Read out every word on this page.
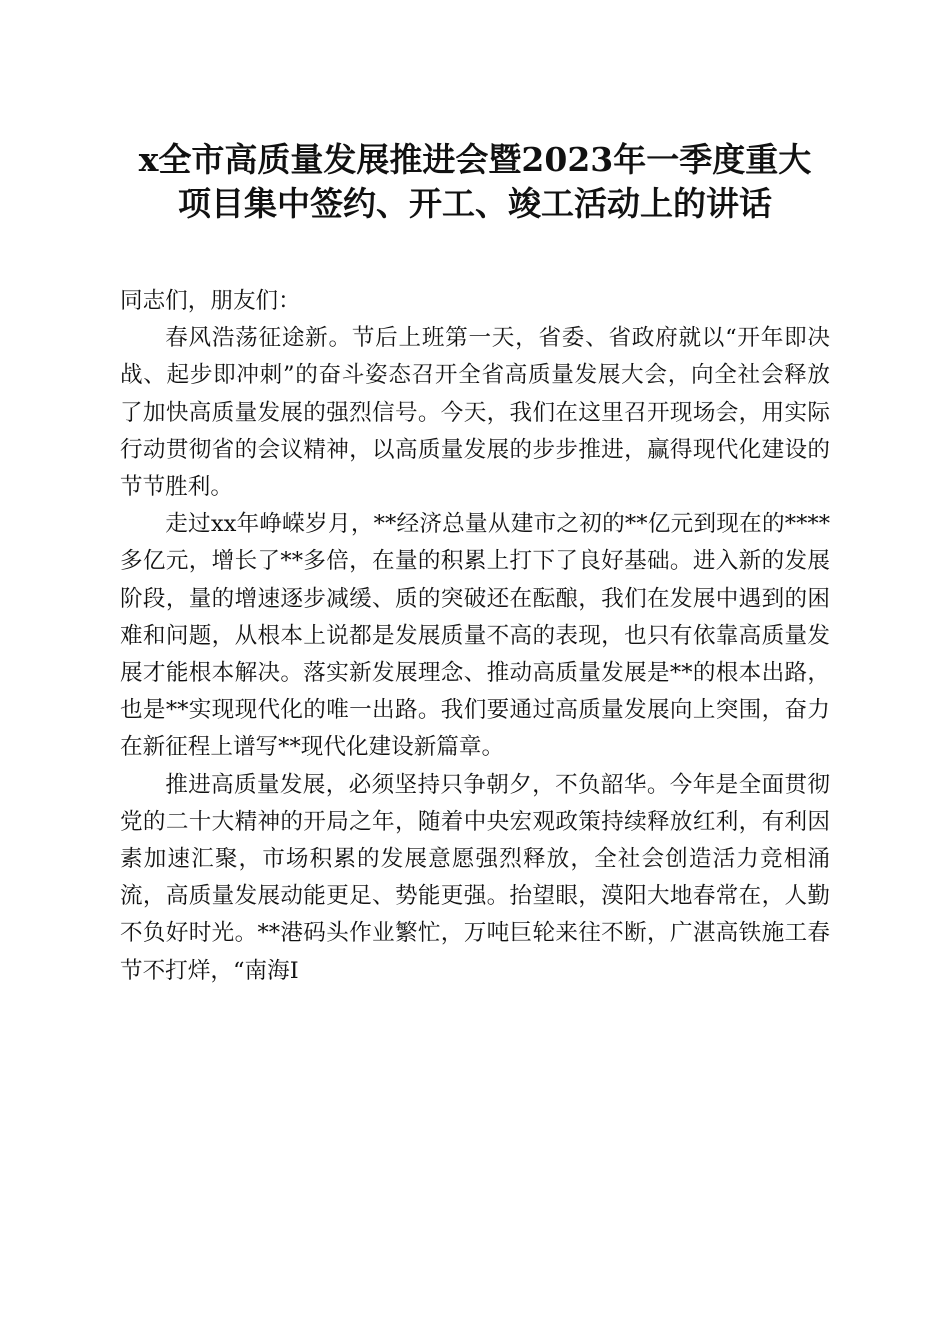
x全市高质量发展推进会暨2023年一季度重大
项目集中签约、开工、竣工活动上的讲话

同志们，朋友们：

春风浩荡征途新。节后上班第一天，省委、省政府就以“开年即决战、起步即冲刺”的奋斗姿态召开全省高质量发展大会，向全社会释放了加快高质量发展的强烈信号。今天，我们在这里召开现场会，用实际行动贯彻省的会议精神，以高质量发展的步步推进，赢得现代化建设的节节胜利。

走过xx年峥嵘岁月，**经济总量从建市之初的**亿元到现在的****多亿元，增长了**多倍，在量的积累上打下了良好基础。进入新的发展阶段，量的增速逐步减缓、质的突破还在酝酿，我们在发展中遇到的困难和问题，从根本上说都是发展质量不高的表现，也只有依靠高质量发展才能根本解决。落实新发展理念、推动高质量发展是**的根本出路，也是**实现现代化的唯一出路。我们要通过高质量发展向上突围，奋力在新征程上谱写**现代化建设新篇章。

推进高质量发展，必须坚持只争朝夕，不负韶华。今年是全面贯彻党的二十大精神的开局之年，随着中央宏观政策持续释放红利，有利因素加速汇聚，市场积累的发展意愿强烈释放，全社会创造活力竞相涌流，高质量发展动能更足、势能更强。抬望眼，漠阳大地春常在，人勤不负好时光。**港码头作业繁忙，万吨巨轮来往不断，广湛高铁施工春节不打烊，“南海Ⅰ
